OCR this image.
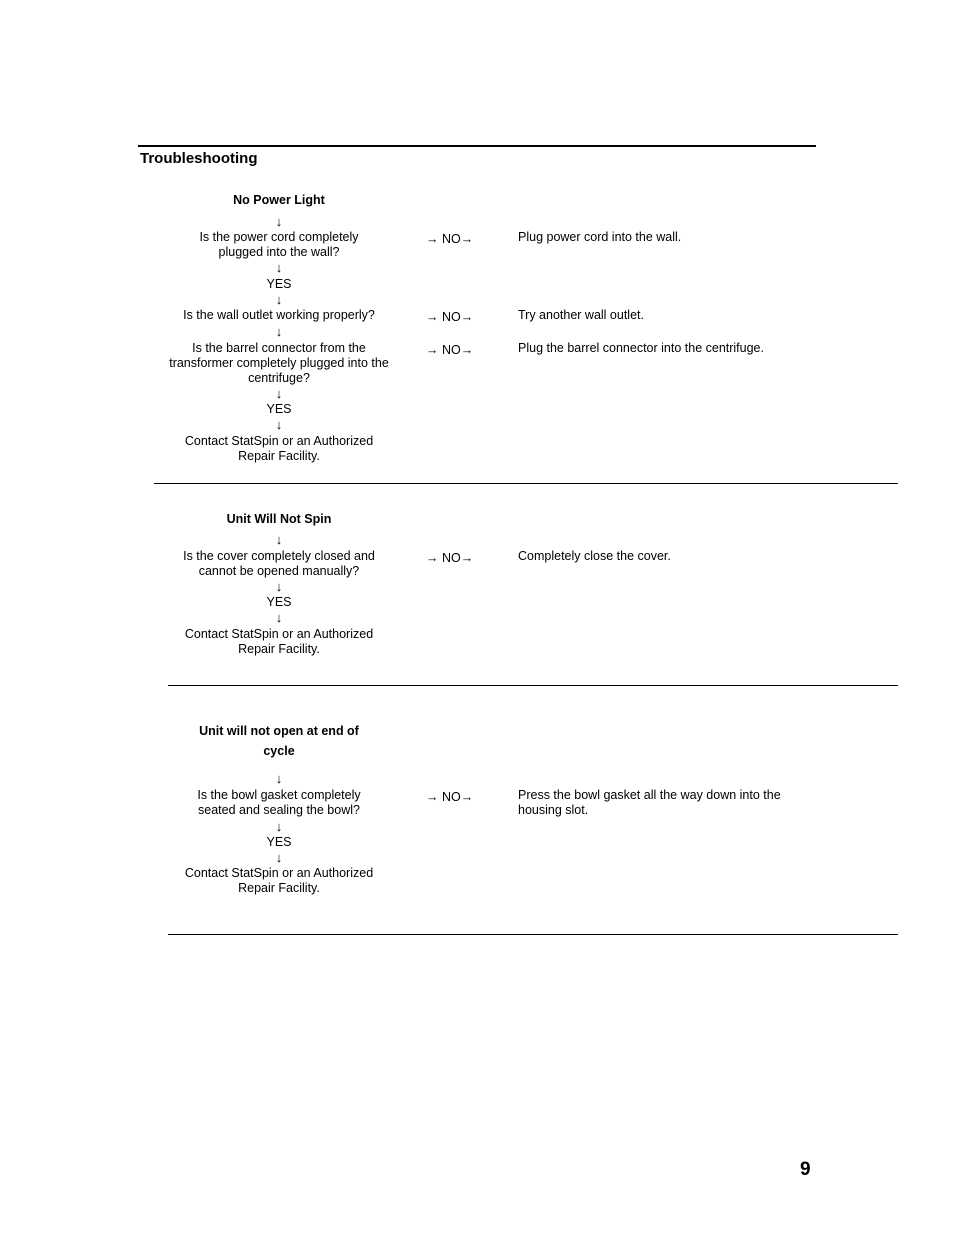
Troubleshooting
No Power Light
↓
Is the power cord completely plugged into the wall?
→ NO→	Plug power cord into the wall.
↓
YES
↓
Is the wall outlet working properly?	→ NO→	Try another wall outlet.
↓
Is the barrel connector from the transformer completely plugged into the centrifuge?
→ NO→	Plug the barrel connector into the centrifuge.
↓
YES
↓
Contact StatSpin or an Authorized Repair Facility.
Unit Will Not Spin
↓
Is the cover completely closed and cannot be opened manually?
→ NO→	Completely close the cover.
↓
YES
↓
Contact StatSpin or an Authorized Repair Facility.
Unit will not open at end of cycle
↓
Is the bowl gasket completely seated and sealing the bowl?
→ NO→	Press the bowl gasket all the way down into the housing slot.
↓
YES
↓
Contact StatSpin or an Authorized Repair Facility.
9
